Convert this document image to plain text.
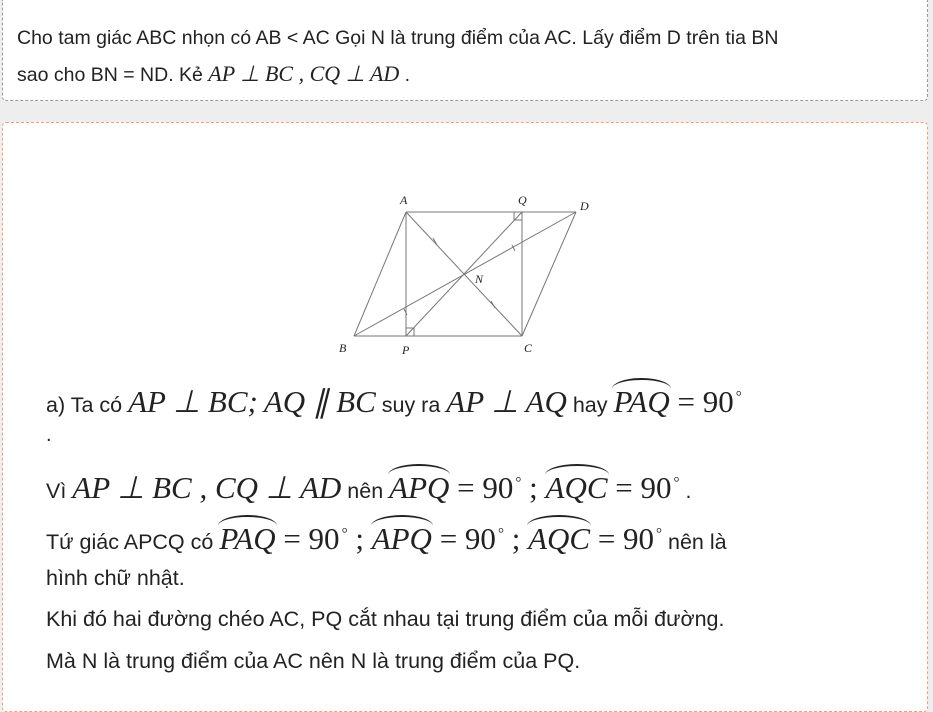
Cho tam giác ABC nhọn có AB < AC Gọi N là trung điểm của AC. Lấy điểm D trên tia BN
sao cho BN = ND. Kẻ AP ⊥ BC , CQ ⊥ AD .
A	Q	D
B	P	C
N
a) Ta có AP ⊥ BC; AQ ∥ BC suy ra AP ⊥ AQ hay PAQ = 90 °
.
Vì AP ⊥ BC , CQ ⊥ AD nên APQ = 90 ° ; AQC = 90 ° .
Tứ giác APCQ có PAQ = 90 ° ; APQ = 90 ° ; AQC = 90 ° nên là
hình chữ nhật.
Khi đó hai đường chéo AC, PQ cắt nhau tại trung điểm của mỗi đường.
Mà N là trung điểm của AC nên N là trung điểm của PQ.
